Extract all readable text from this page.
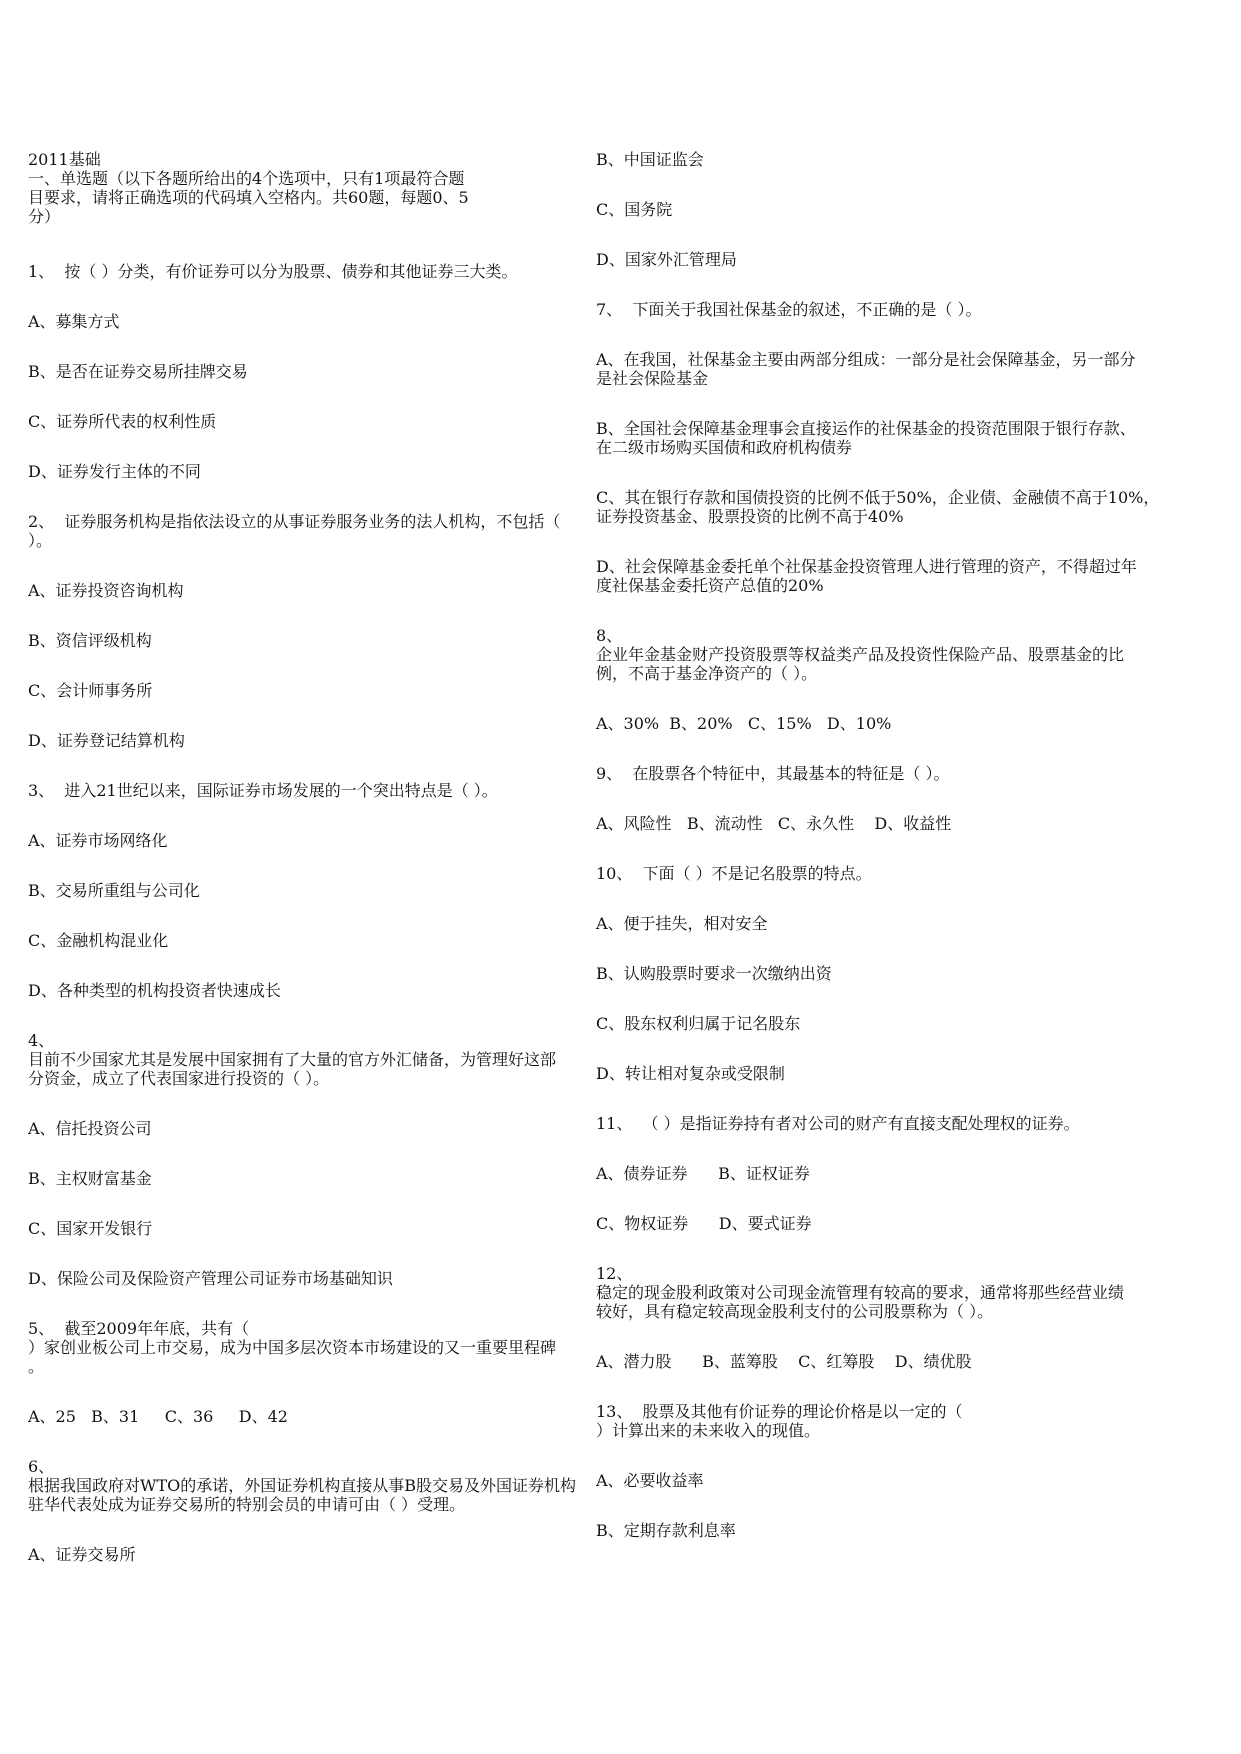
2011基础
一、单选题（以下各题所给出的4个选项中，只有1项最符合题
目要求，请将正确选项的代码填入空格内。共60题，每题0、5
分）
1、  按（ ）分类，有价证券可以分为股票、债券和其他证券三大类。
A、募集方式
B、是否在证券交易所挂牌交易
C、证券所代表的权利性质
D、证券发行主体的不同
2、  证券服务机构是指依法设立的从事证券服务业务的法人机构，不包括（
）。
A、证券投资咨询机构
B、资信评级机构
C、会计师事务所
D、证券登记结算机构
3、  进入21世纪以来，国际证券市场发展的一个突出特点是（ ）。
A、证券市场网络化
B、交易所重组与公司化
C、金融机构混业化
D、各种类型的机构投资者快速成长
4、
目前不少国家尤其是发展中国家拥有了大量的官方外汇储备，为管理好这部
分资金，成立了代表国家进行投资的（ ）。
A、信托投资公司
B、主权财富基金
C、国家开发银行
D、保险公司及保险资产管理公司证券市场基础知识
5、  截至2009年年底，共有（
）家创业板公司上市交易，成为中国多层次资本市场建设的又一重要里程碑
。
A、25   B、31     C、36     D、42
6、
根据我国政府对WTO的承诺，外国证券机构直接从事B股交易及外国证券机构
驻华代表处成为证券交易所的特别会员的申请可由（ ）受理。
A、证券交易所
B、中国证监会
C、国务院
D、国家外汇管理局
7、  下面关于我国社保基金的叙述，不正确的是（ ）。
A、在我国，社保基金主要由两部分组成：一部分是社会保障基金，另一部分
是社会保险基金
B、全国社会保障基金理事会直接运作的社保基金的投资范围限于银行存款、
在二级市场购买国债和政府机构债券
C、其在银行存款和国债投资的比例不低于50%，企业债、金融债不高于10%，
证券投资基金、股票投资的比例不高于40%
D、社会保障基金委托单个社保基金投资管理人进行管理的资产，不得超过年
度社保基金委托资产总值的20%
8、
企业年金基金财产投资股票等权益类产品及投资性保险产品、股票基金的比
例，不高于基金净资产的（ ）。
A、30%  B、20%   C、15%   D、10%
9、  在股票各个特征中，其最基本的特征是（ ）。
A、风险性   B、流动性   C、永久性    D、收益性
10、  下面（ ）不是记名股票的特点。
A、便于挂失，相对安全
B、认购股票时要求一次缴纳出资
C、股东权利归属于记名股东
D、转让相对复杂或受限制
11、  （ ）是指证券持有者对公司的财产有直接支配处理权的证券。
A、债券证券      B、证权证券
C、物权证券      D、要式证券
12、
稳定的现金股利政策对公司现金流管理有较高的要求，通常将那些经营业绩
较好，具有稳定较高现金股利支付的公司股票称为（ ）。
A、潜力股      B、蓝筹股    C、红筹股    D、绩优股
13、  股票及其他有价证券的理论价格是以一定的（
）计算出来的未来收入的现值。
A、必要收益率
B、定期存款利息率
